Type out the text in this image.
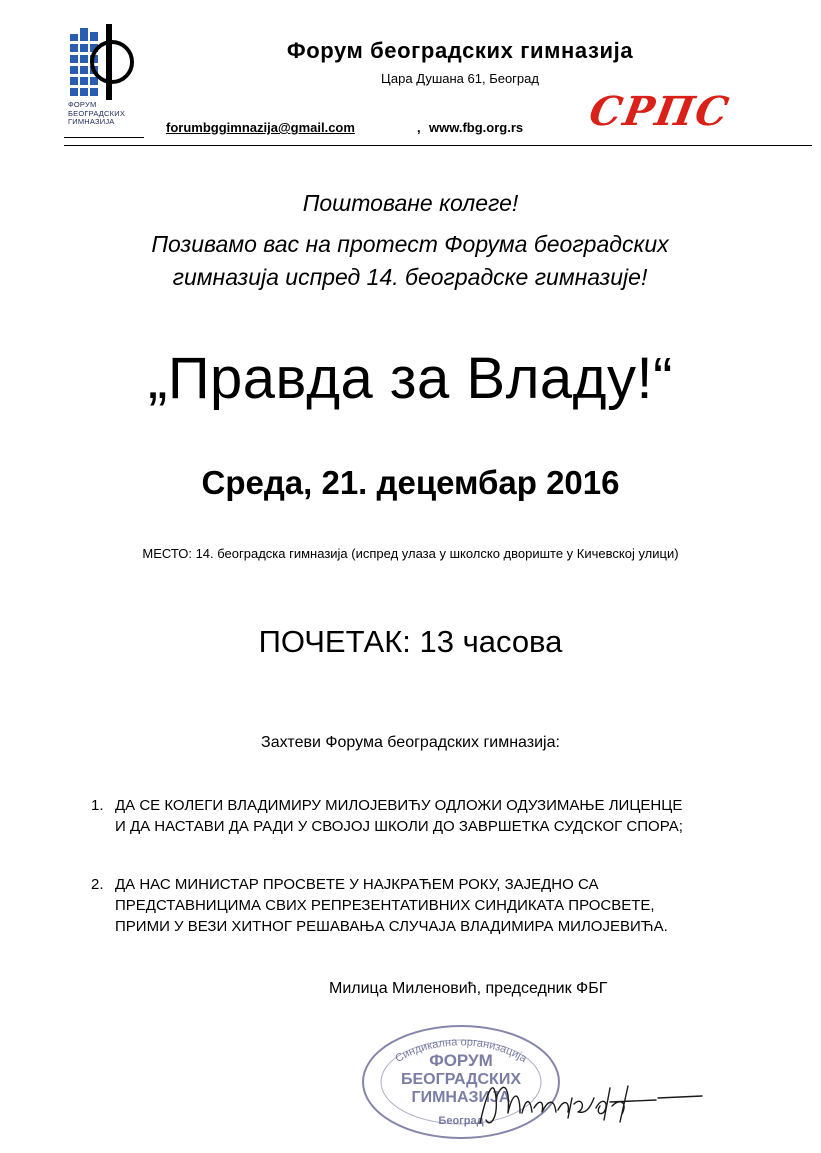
ФОРУМ
БЕОГРАДСКИХ
ГИМНАЗИЈА
Форум београдских гимназија
Цара Душана 61, Београд
forumbggimnazija@gmail.com	, www.fbg.org.rs СРПС
Поштоване колеге!
Позивамо вас на протест Форума београдских
гимназија испред 14. београдске гимназије!
„Правда за Владу!“
Среда, 21. децембар 2016
МЕСТО: 14. београдска гимназија (испред улаза у школско двориште у Кичевској улици)
ПОЧЕТАК: 13 часова
Захтеви Форума београдских гимназија:
1. ДА СЕ КОЛЕГИ ВЛАДИМИРУ МИЛОЈЕВИЋУ ОДЛОЖИ ОДУЗИМАЊЕ ЛИЦЕНЦЕ
И ДА НАСТАВИ ДА РАДИ У СВОЈОЈ ШКОЛИ ДО ЗАВРШЕТКА СУДСКОГ СПОРА;
2. ДА НАС МИНИСТАР ПРОСВЕТЕ У НАЈКРАЋЕМ РОКУ, ЗАЈЕДНО СА
ПРЕДСТАВНИЦИМА СВИХ РЕПРЕЗЕНТАТИВНИХ СИНДИКАТА ПРОСВЕТЕ,
ПРИМИ У ВЕЗИ ХИТНОГ РЕШАВАЊА СЛУЧАЈА ВЛАДИМИРА МИЛОЈЕВИЋА.
Милица Миленовић, председник ФБГ
Синдикална организација
ФОРУМ
БЕОГРАДСКИХ
ГИМНАЗИЈА
Београд
